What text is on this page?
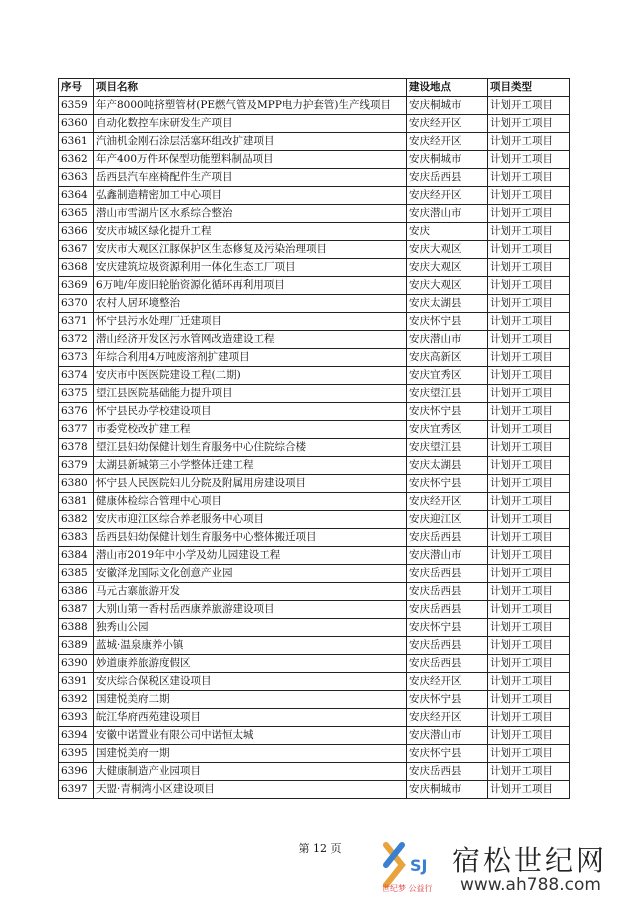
序号	项目名称	建设地点	项目类型
6359	年产8000吨挤塑管材(PE燃气管及MPP电力护套管)生产线项目	安庆桐城市	计划开工项目
6360	自动化数控车床研发生产项目	安庆经开区	计划开工项目
6361	汽油机金刚石涂层活塞环组改扩建项目	安庆经开区	计划开工项目
6362	年产400万件环保型功能塑料制品项目	安庆桐城市	计划开工项目
6363	岳西县汽车座椅配件生产项目	安庆岳西县	计划开工项目
6364	弘鑫制造精密加工中心项目	安庆经开区	计划开工项目
6365	潜山市雪湖片区水系综合整治	安庆潜山市	计划开工项目
6366	安庆市城区绿化提升工程	安庆	计划开工项目
6367	安庆市大观区江豚保护区生态修复及污染治理项目	安庆大观区	计划开工项目
6368	安庆建筑垃圾资源利用一体化生态工厂项目	安庆大观区	计划开工项目
6369	6万吨/年废旧轮胎资源化循环再利用项目	安庆大观区	计划开工项目
6370	农村人居环境整治	安庆太湖县	计划开工项目
6371	怀宁县污水处理厂迁建项目	安庆怀宁县	计划开工项目
6372	潜山经济开发区污水管网改造建设工程	安庆潜山市	计划开工项目
6373	年综合利用4万吨废溶剂扩建项目	安庆高新区	计划开工项目
6374	安庆市中医医院建设工程(二期)	安庆宜秀区	计划开工项目
6375	望江县医院基础能力提升项目	安庆望江县	计划开工项目
6376	怀宁县民办学校建设项目	安庆怀宁县	计划开工项目
6377	市委党校改扩建工程	安庆宜秀区	计划开工项目
6378	望江县妇幼保健计划生育服务中心住院综合楼	安庆望江县	计划开工项目
6379	太湖县新城第三小学整体迁建工程	安庆太湖县	计划开工项目
6380	怀宁县人民医院妇儿分院及附属用房建设项目	安庆怀宁县	计划开工项目
6381	健康体检综合管理中心项目	安庆经开区	计划开工项目
6382	安庆市迎江区综合养老服务中心项目	安庆迎江区	计划开工项目
6383	岳西县妇幼保健计划生育服务中心整体搬迁项目	安庆岳西县	计划开工项目
6384	潜山市2019年中小学及幼儿园建设工程	安庆潜山市	计划开工项目
6385	安徽泽龙国际文化创意产业园	安庆岳西县	计划开工项目
6386	马元古寨旅游开发	安庆岳西县	计划开工项目
6387	大别山第一香村岳西康养旅游建设项目	安庆岳西县	计划开工项目
6388	独秀山公园	安庆怀宁县	计划开工项目
6389	蓝城·温泉康养小镇	安庆岳西县	计划开工项目
6390	妙道康养旅游度假区	安庆岳西县	计划开工项目
6391	安庆综合保税区建设项目	安庆经开区	计划开工项目
6392	国建悦美府二期	安庆怀宁县	计划开工项目
6393	皖江华府西苑建设项目	安庆经开区	计划开工项目
6394	安徽中诺置业有限公司中诺恒太城	安庆潜山市	计划开工项目
6395	国建悦美府一期	安庆怀宁县	计划开工项目
6396	大健康制造产业园项目	安庆岳西县	计划开工项目
6397	天盟·青桐湾小区建设项目	安庆桐城市	计划开工项目
第 12 页
SJ 宿松世纪网
www.ah788.com
世纪梦 公益行
